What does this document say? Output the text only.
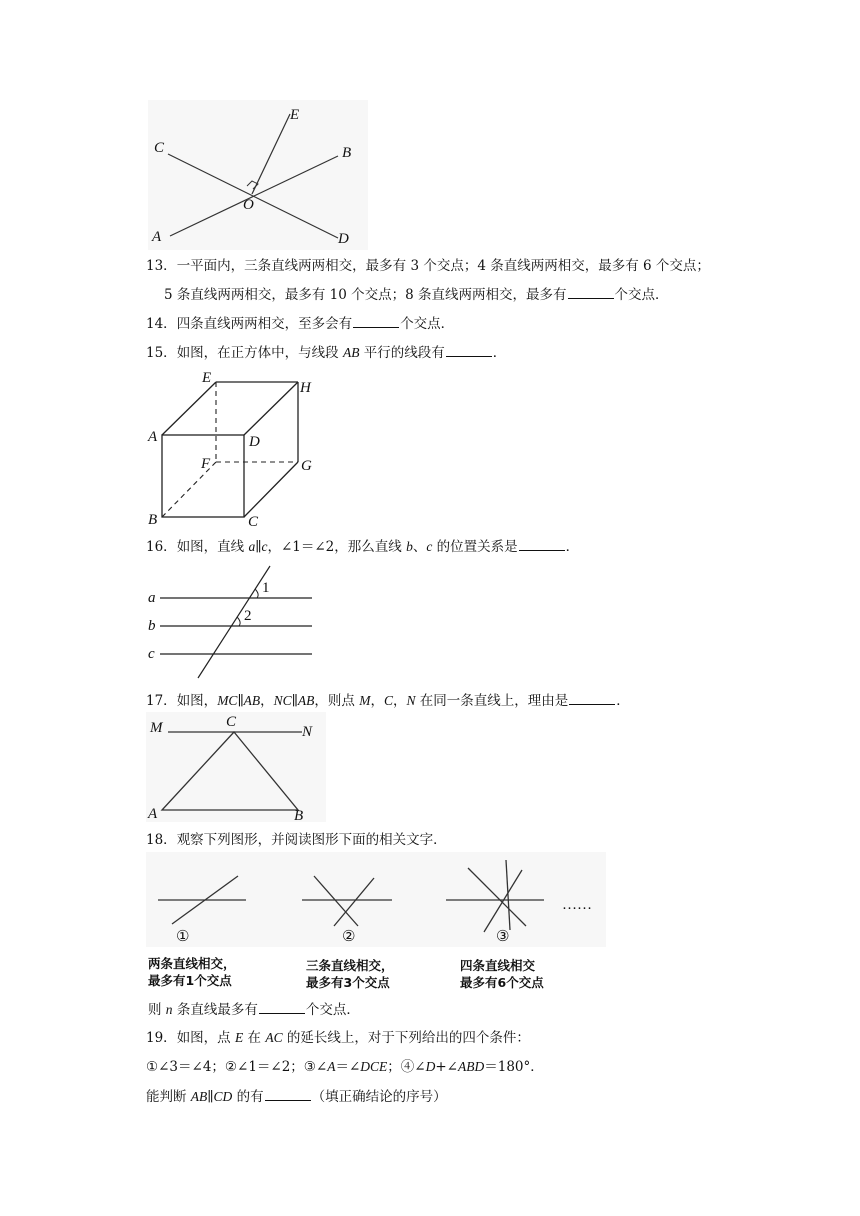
E
C	B
O
A	D
13．一平面内，三条直线两两相交，最多有 3 个交点；4 条直线两两相交，最多有 6 个交点；
5 条直线两两相交，最多有 10 个交点；8 条直线两两相交，最多有	个交点．
14．四条直线两两相交，至多会有	个交点．
15．如图，在正方体中，与线段 AB 平行的线段有	．
E
H
A	D
F	G
B	C
16．如图，直线 a∥c，∠1＝∠2，那么直线 b、c 的位置关系是	．
a
b
c
1
2
17．如图，MC∥AB，NC∥AB，则点 M，C，N 在同一条直线上，理由是	．
M	C
N
A	B
18．观察下列图形，并阅读图形下面的相关文字．
……
①	②	③
两条直线相交，
最多有1个交点
三条直线相交，
最多有3个交点
四条直线相交
最多有6个交点
则 n 条直线最多有	个交点．
19．如图，点 E 在 AC 的延长线上，对于下列给出的四个条件：
①∠3＝∠4；②∠1＝∠2；③∠A＝∠DCE；④∠D+∠ABD＝180°．
能判断 AB∥CD 的有	（填正确结论的序号）
